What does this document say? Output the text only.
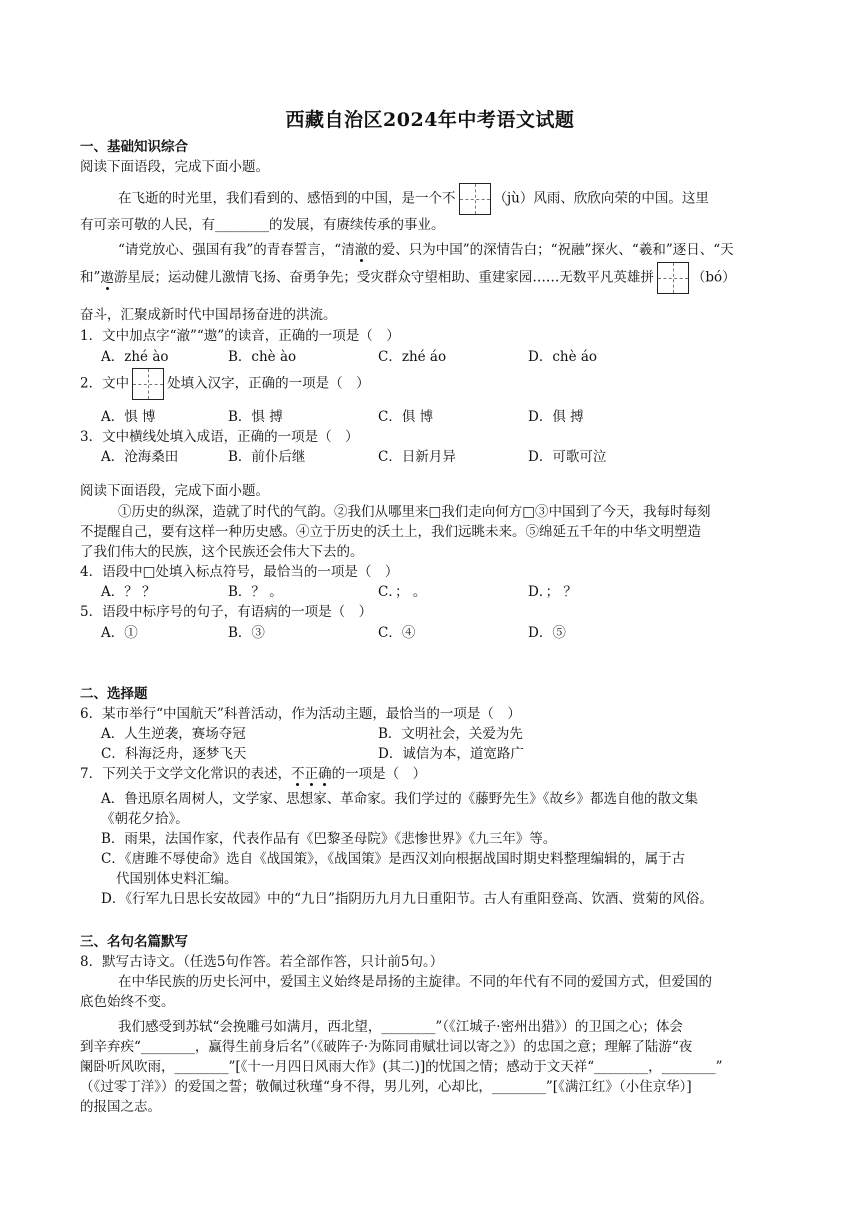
西藏自治区2024年中考语文试题
一、基础知识综合
阅读下面语段，完成下面小题。
在飞逝的时光里，我们看到的、感悟到的中国，是一个不	（jù）风雨、欣欣向荣的中国。这里
有可亲可敬的人民，有________的发展，有赓续传承的事业。
“请党放心、强国有我”的青春誓言，“清澈的爱、只为中国”的深情告白；“祝融”探火、“羲和”逐日、“天
和”遨游星辰；运动健儿激情飞扬、奋勇争先；受灾群众守望相助、重建家园……无数平凡英雄拼	（bó）
奋斗，汇聚成新时代中国昂扬奋进的洪流。
1．文中加点字“澈”“遨”的读音，正确的一项是（　）
A．zhé ào	B．chè ào	C．zhé áo	D．chè áo
2．文中	处填入汉字，正确的一项是（　）
A．惧 博	B．惧 搏	C．俱 博	D．俱 搏
3．文中横线处填入成语，正确的一项是（　）
A．沧海桑田	B．前仆后继	C．日新月异	D．可歌可泣
阅读下面语段，完成下面小题。
①历史的纵深，造就了时代的气韵。②我们从哪里来□我们走向何方□③中国到了今天，我每时每刻
不提醒自己，要有这样一种历史感。④立于历史的沃土上，我们远眺未来。⑤绵延五千年的中华文明塑造
了我们伟大的民族，这个民族还会伟大下去的。
4．语段中□处填入标点符号，最恰当的一项是（　）
A．？ ？	B．？ 。	C．； 。	D．； ？
5．语段中标序号的句子，有语病的一项是（　）
A．①	B．③	C．④	D．⑤
二、选择题
6．某市举行“中国航天”科普活动，作为活动主题，最恰当的一项是（　）
A．人生逆袭，赛场夺冠	B．文明社会，关爱为先
C．科海泛舟，逐梦飞天	D．诚信为本，道宽路广
7．下列关于文学文化常识的表述，不正确的一项是（　）
A．鲁迅原名周树人，文学家、思想家、革命家。我们学过的《藤野先生》《故乡》都选自他的散文集
《朝花夕拾》。
B．雨果，法国作家，代表作品有《巴黎圣母院》《悲惨世界》《九三年》等。
C．《唐雎不辱使命》选自《战国策》，《战国策》是西汉刘向根据战国时期史料整理编辑的，属于古
代国别体史料汇编。
D．《行军九日思长安故园》中的“九日”指阴历九月九日重阳节。古人有重阳登高、饮酒、赏菊的风俗。
三、名句名篇默写
8．默写古诗文。（任选5句作答。若全部作答，只计前5句。）
在中华民族的历史长河中，爱国主义始终是昂扬的主旋律。不同的年代有不同的爱国方式，但爱国的
底色始终不变。
我们感受到苏轼“会挽雕弓如满月，西北望，________”（《江城子·密州出猎》）的卫国之心；体会
到辛弃疾“________，赢得生前身后名”（《破阵子·为陈同甫赋壮词以寄之》）的忠国之意；理解了陆游“夜
阑卧听风吹雨，________”[《十一月四日风雨大作》(其二)]的忧国之情；感动于文天祥“________，________”
（《过零丁洋》）的爱国之誓；敬佩过秋瑾“身不得，男儿列，心却比，________”[《满江红》（小住京华）]
的报国之志。
